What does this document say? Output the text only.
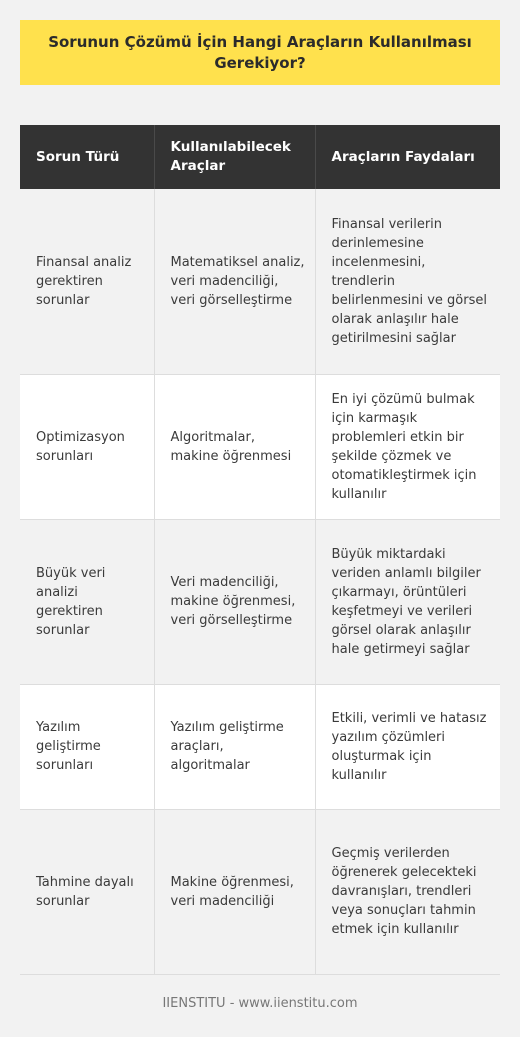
Sorunun Çözümü İçin Hangi Araçların Kullanılması Gerekiyor?
Sorun Türü	Kullanılabilecek Araçlar	Araçların Faydaları
Finansal analiz gerektiren sorunlar	Matematiksel analiz, veri madenciliği, veri görselleştirme	Finansal verilerin derinlemesine incelenmesini, trendlerin belirlenmesini ve görsel olarak anlaşılır hale getirilmesini sağlar
Optimizasyon sorunları	Algoritmalar, makine öğrenmesi	En iyi çözümü bulmak için karmaşık problemleri etkin bir şekilde çözmek ve otomatikleştirmek için kullanılır
Büyük veri analizi gerektiren sorunlar	Veri madenciliği, makine öğrenmesi, veri görselleştirme	Büyük miktardaki veriden anlamlı bilgiler çıkarmayı, örüntüleri keşfetmeyi ve verileri görsel olarak anlaşılır hale getirmeyi sağlar
Yazılım geliştirme sorunları	Yazılım geliştirme araçları, algoritmalar	Etkili, verimli ve hatasız yazılım çözümleri oluşturmak için kullanılır
Tahmine dayalı sorunlar	Makine öğrenmesi, veri madenciliği	Geçmiş verilerden öğrenerek gelecekteki davranışları, trendleri veya sonuçları tahmin etmek için kullanılır
IIENSTITU - www.iienstitu.com
